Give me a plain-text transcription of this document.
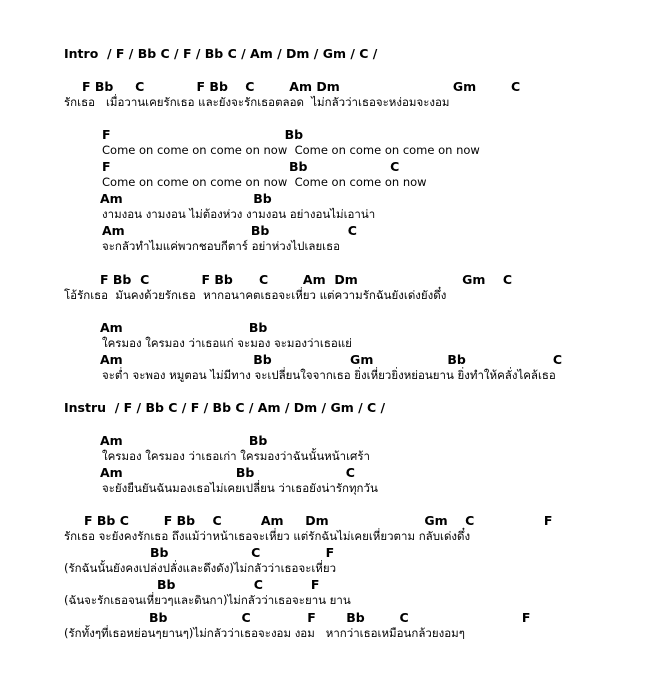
Intro  / F / Bb C / F / Bb C / Am / Dm / Gm / C /
F Bb     C            F Bb    C        Am Dm                          Gm        C
รักเธอ   เมื่อวานเคยรักเธอ และยังจะรักเธอตลอด  ไม่กลัวว่าเธอจะหง่อมจะงอม
F                                        Bb
Come on come on come on now  Come on come on come on now
F                                         Bb                   C
Come on come on come on now  Come on come on now
Am                              Bb
งามงอน งามงอน ไม่ต้องห่วง งามงอน อย่างอนไม่เอาน่า
Am                             Bb                  C
จะกลัวทำไมแค่พวกชอบกีตาร์ อย่าห่วงไปเลยเธอ
F Bb  C            F Bb      C        Am  Dm                        Gm    C
โอ้รักเธอ  มันคงด้วยรักเธอ  หากอนาคตเธอจะเหี่ยว แต่ความรักฉันยังเด่งยังดึ๋ง
Am                             Bb
ใครมอง ใครมอง ว่าเธอแก่ จะมอง จะมองว่าเธอแย่
Am                              Bb                  Gm                 Bb                    C
จะต่ำ จะพอง หมูตอน ไม่มีทาง จะเปลี่ยนใจจากเธอ ยิ่งเหี่ยวยิ่งหย่อนยาน ยิ่งทำให้คลั่งไคล้เธอ
Instru  / F / Bb C / F / Bb C / Am / Dm / Gm / C /
Am                             Bb
ใครมอง ใครมอง ว่าเธอเก่า ใครมองว่าฉันนั้นหน้าเศร้า
Am                          Bb                     C
จะยังยืนยันฉันมองเธอไม่เคยเปลี่ยน ว่าเธอยังน่ารักทุกวัน
F Bb C        F Bb    C         Am     Dm                      Gm    C                F
รักเธอ จะยังคงรักเธอ ถึงแม้ว่าหน้าเธอจะเหี่ยว แต่รักฉันไม่เคยเหี่ยวตาม กลับเด่งดึ๋ง
Bb                   C               F
(รักฉันนั้นยังคงเปล่งปลั่งและดึงดัง)ไม่กลัวว่าเธอจะเหี่ยว
Bb                  C           F
(ฉันจะรักเธอจนเหี่ยวๆและดินกา)ไม่กลัวว่าเธอจะยาน ยาน
Bb                 C             F       Bb        C                          F
(รักทั้งๆที่เธอหย่อนๆยานๆ)ไม่กลัวว่าเธอจะงอม งอม   หากว่าเธอเหมือนกล้วยงอมๆ
